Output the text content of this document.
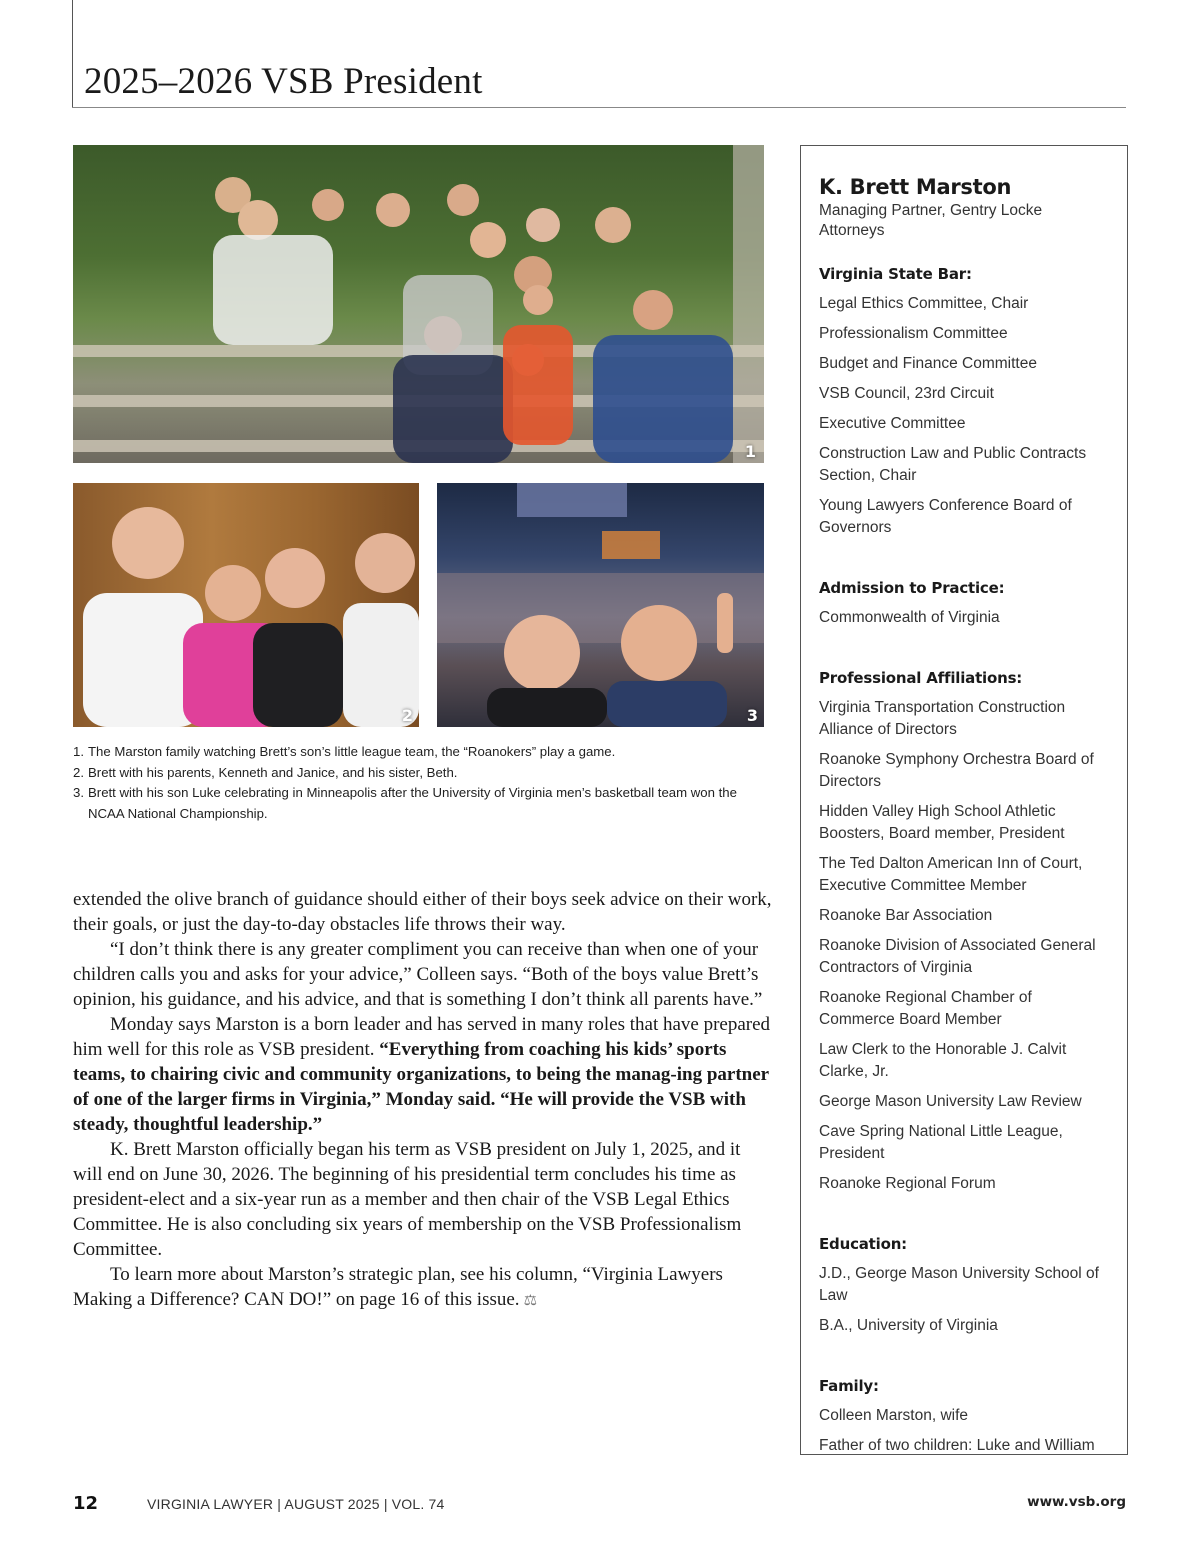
2025–2026 VSB President
1
2	3
1. The Marston family watching Brett’s son’s little league team, the “Roanokers” play a game.
2. Brett with his parents, Kenneth and Janice, and his sister, Beth.
3. Brett with his son Luke celebrating in Minneapolis after the University of Virginia men’s basketball team won the NCAA National Championship.

extended the olive branch of guidance should either of their boys seek advice on their work, their goals, or just the day-to-day obstacles life throws their way.

“I don’t think there is any greater compliment you can receive than when one of your children calls you and asks for your advice,” Colleen says. “Both of the boys value Brett’s opinion, his guidance, and his advice, and that is something I don’t think all parents have.”

Monday says Marston is a born leader and has served in many roles that have prepared him well for this role as VSB president. “Everything from coaching his kids’ sports teams, to chairing civic and community organizations, to being the manag-ing partner of one of the larger firms in Virginia,” Monday said. “He will provide the VSB with steady, thoughtful leadership.”

K. Brett Marston officially began his term as VSB president on July 1, 2025, and it will end on June 30, 2026. The beginning of his presidential term concludes his time as president-elect and a six-year run as a member and then chair of the VSB Legal Ethics Committee. He is also concluding six years of membership on the VSB Professionalism Committee.

To learn more about Marston’s strategic plan, see his column, “Virginia Lawyers Making a Difference? CAN DO!” on page 16 of this issue. ⚖

K. Brett Marston
Managing Partner, Gentry Locke Attorneys
Virginia State Bar:
Legal Ethics Committee, Chair
Professionalism Committee
Budget and Finance Committee
VSB Council, 23rd Circuit
Executive Committee
Construction Law and Public Contracts Section, Chair
Young Lawyers Conference Board of Governors
Admission to Practice:
Commonwealth of Virginia
Professional Affiliations:
Virginia Transportation Construction Alliance of Directors
Roanoke Symphony Orchestra Board of Directors
Hidden Valley High School Athletic Boosters, Board member, President
The Ted Dalton American Inn of Court, Executive Committee Member
Roanoke Bar Association
Roanoke Division of Associated General Contractors of Virginia
Roanoke Regional Chamber of Commerce Board Member
Law Clerk to the Honorable J. Calvit Clarke, Jr.
George Mason University Law Review
Cave Spring National Little League, President
Roanoke Regional Forum
Education:
J.D., George Mason University School of Law
B.A., University of Virginia
Family:
Colleen Marston, wife
Father of two children: Luke and William
12	VIRGINIA LAWYER | AUGUST 2025 | VOL. 74	www.vsb.org
